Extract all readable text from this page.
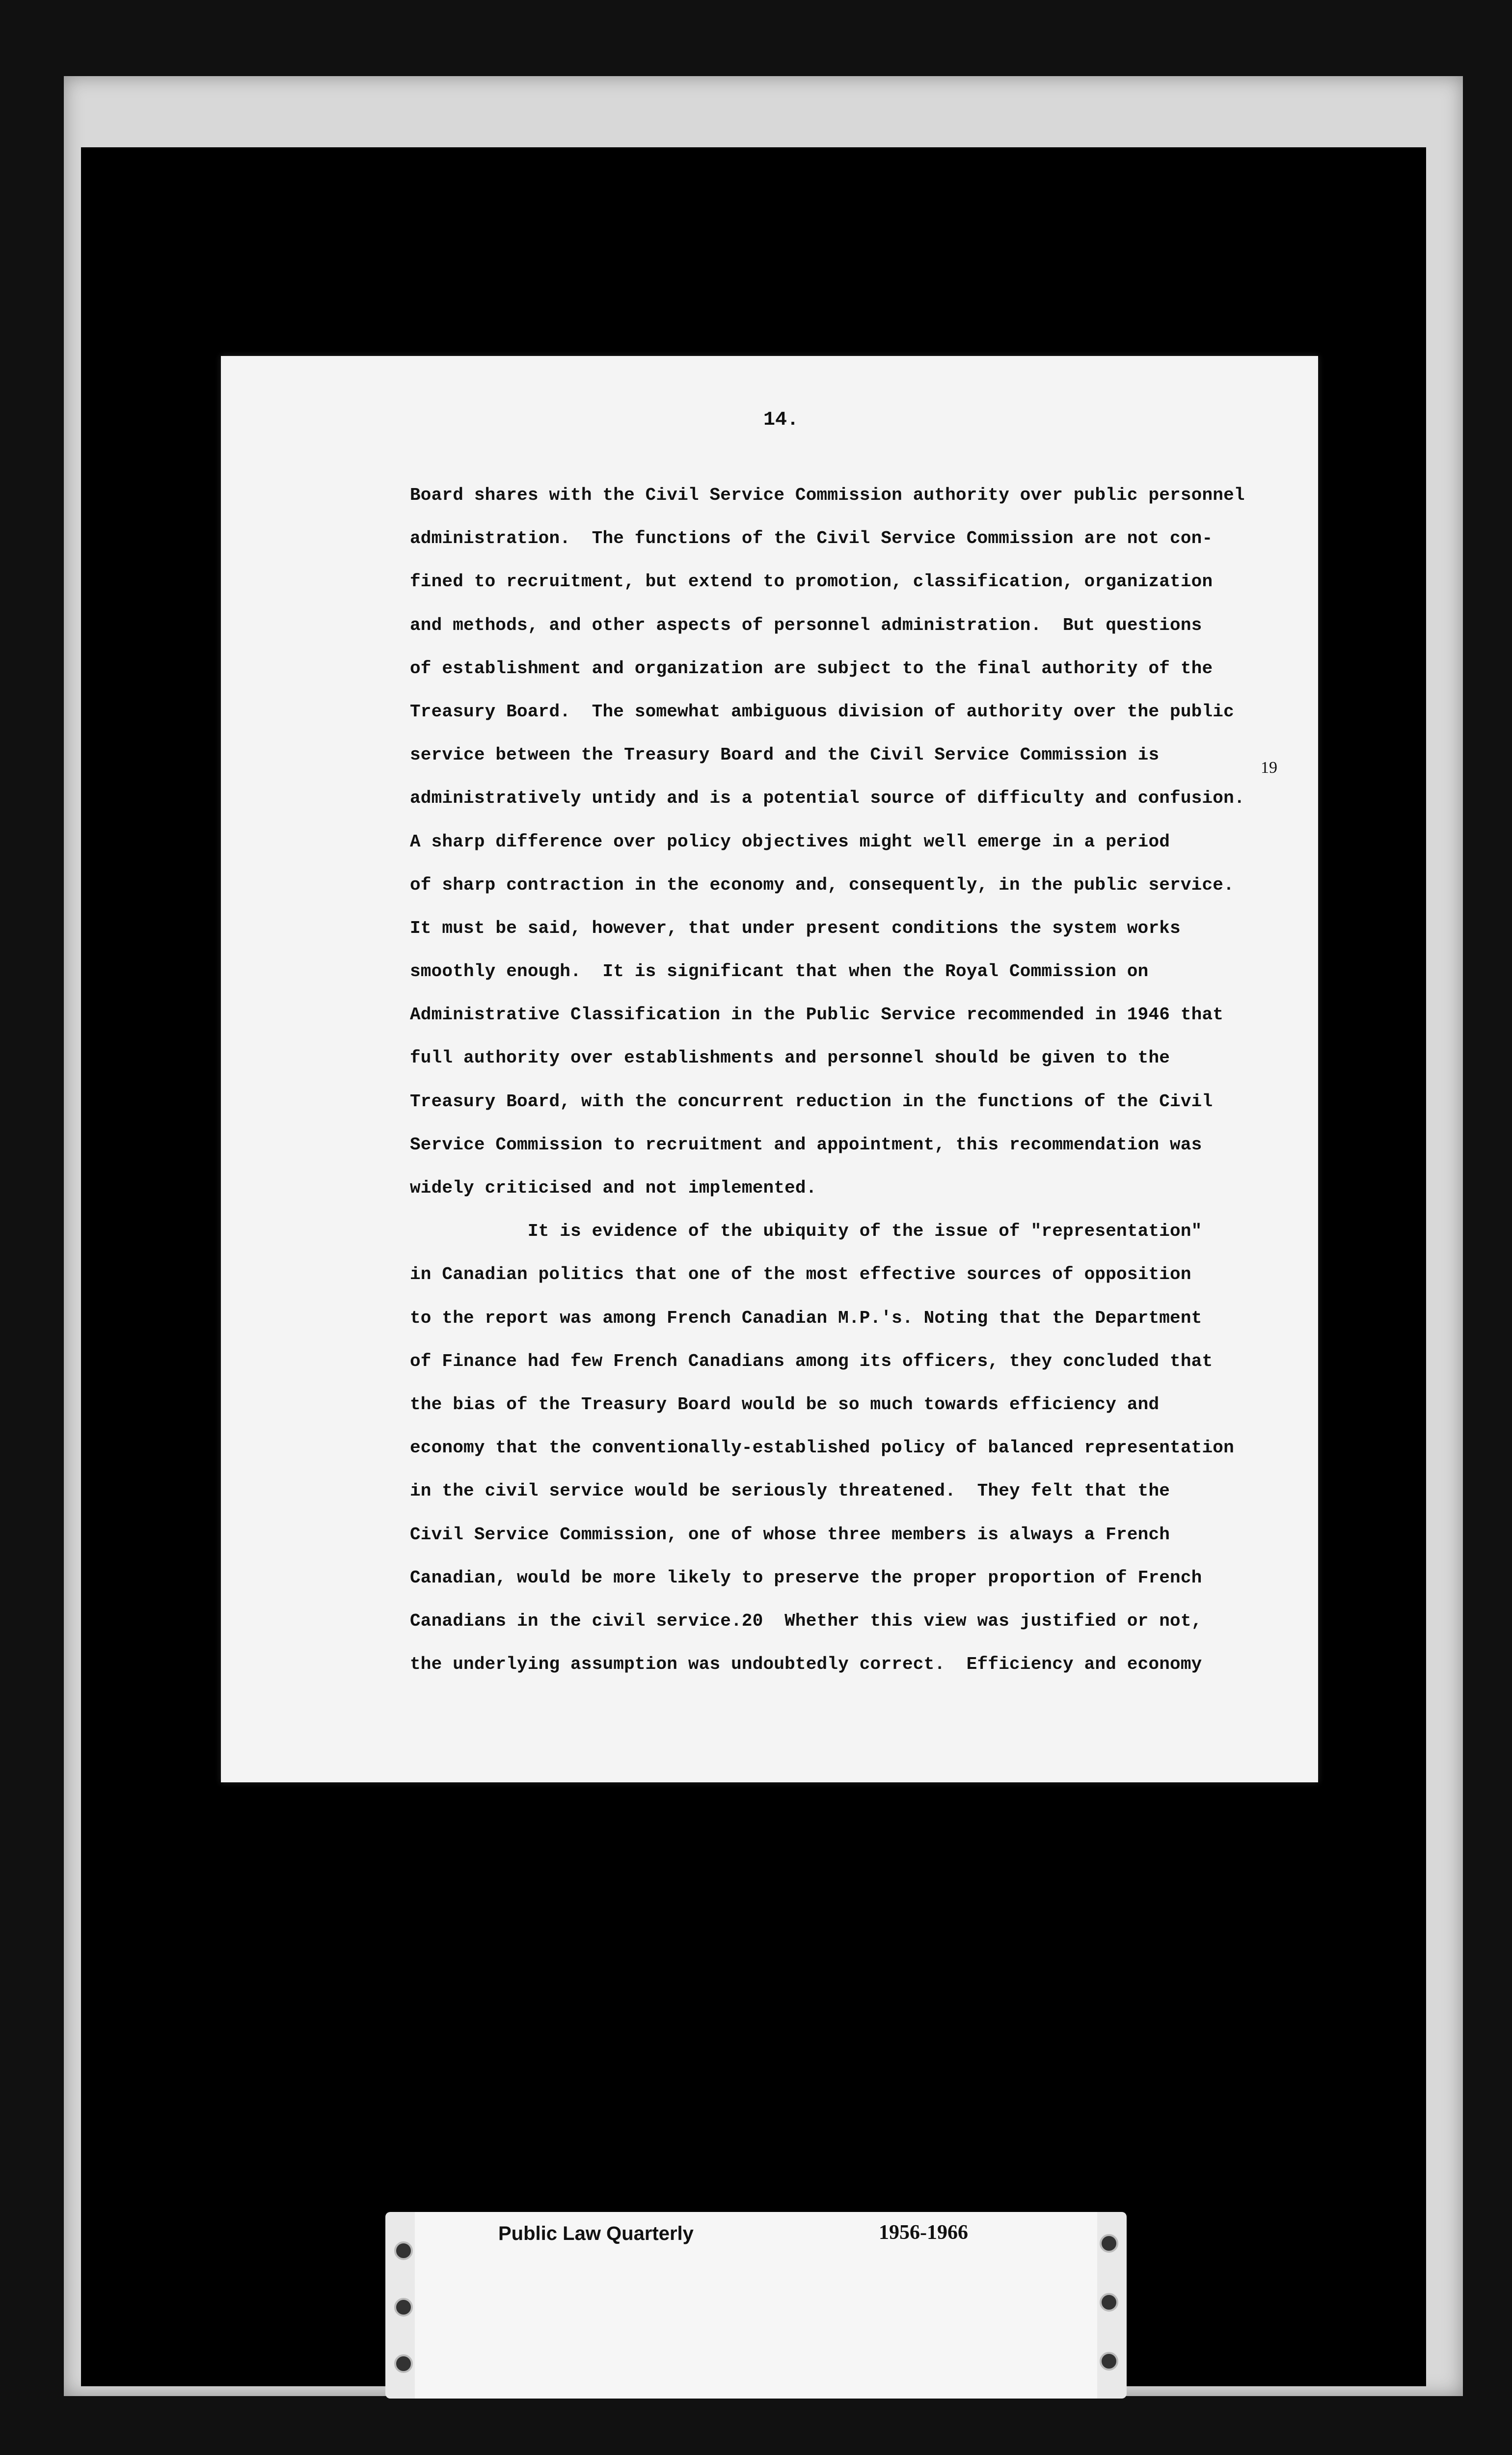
14.
Board shares with the Civil Service Commission authority over public personnel
administration.  The functions of the Civil Service Commission are not con-
fined to recruitment, but extend to promotion, classification, organization
and methods, and other aspects of personnel administration.  But questions
of establishment and organization are subject to the final authority of the
Treasury Board.  The somewhat ambiguous division of authority over the public
service between the Treasury Board and the Civil Service Commission is
administratively untidy and is a potential source of difficulty and confusion.
A sharp difference over policy objectives might well emerge in a period
of sharp contraction in the economy and, consequently, in the public service.
It must be said, however, that under present conditions the system works
smoothly enough.  It is significant that when the Royal Commission on
Administrative Classification in the Public Service recommended in 1946 that
full authority over establishments and personnel should be given to the
Treasury Board, with the concurrent reduction in the functions of the Civil
Service Commission to recruitment and appointment, this recommendation was
widely criticised and not implemented.
It is evidence of the ubiquity of the issue of "representation"
in Canadian politics that one of the most effective sources of opposition
to the report was among French Canadian M.P.'s. Noting that the Department
of Finance had few French Canadians among its officers, they concluded that
the bias of the Treasury Board would be so much towards efficiency and
economy that the conventionally-established policy of balanced representation
in the civil service would be seriously threatened.  They felt that the
Civil Service Commission, one of whose three members is always a French
Canadian, would be more likely to preserve the proper proportion of French
Canadians in the civil service.20  Whether this view was justified or not,
the underlying assumption was undoubtedly correct.  Efficiency and economy
19
Public Law Quarterly	1956-1966
